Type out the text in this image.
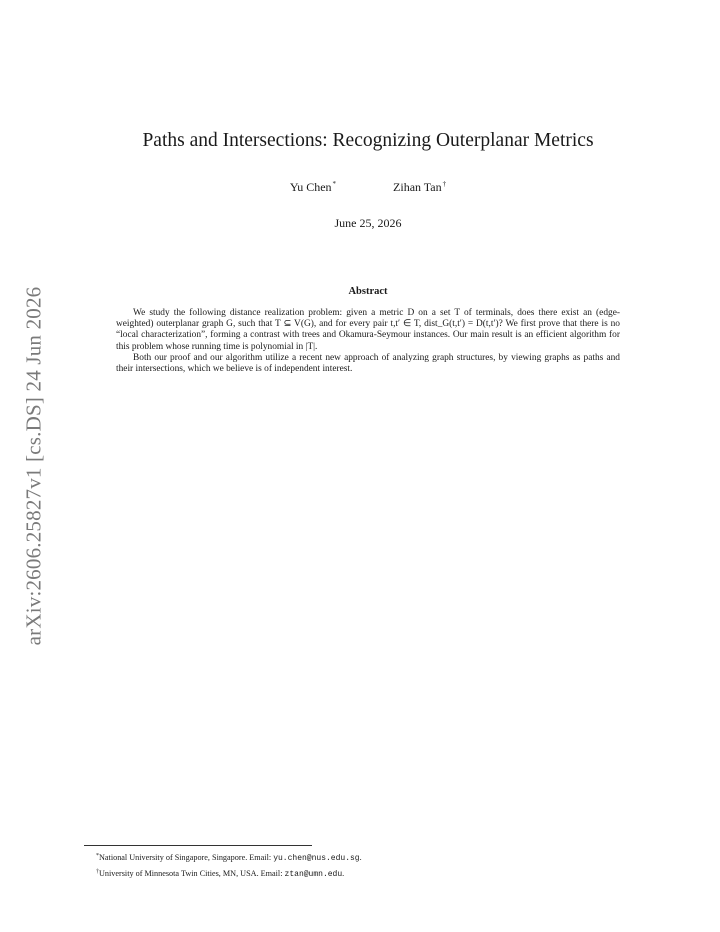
arXiv:2606.25827v1 [cs.DS] 24 Jun 2026
Paths and Intersections: Recognizing Outerplanar Metrics
Yu Chen*	Zihan Tan†
June 25, 2026
Abstract

We study the following distance realization problem: given a metric D on a set T of terminals, does there exist an (edge-weighted) outerplanar graph G, such that T ⊆ V(G), and for every pair t,t′ ∈ T, dist_G(t,t′) = D(t,t′)? We first prove that there is no “local characterization”, forming a contrast with trees and Okamura-Seymour instances. Our main result is an efficient algorithm for this problem whose running time is polynomial in |T|.

Both our proof and our algorithm utilize a recent new approach of analyzing graph structures, by viewing graphs as paths and their intersections, which we believe is of independent interest.

*National University of Singapore, Singapore. Email: yu.chen@nus.edu.sg.
†University of Minnesota Twin Cities, MN, USA. Email: ztan@umn.edu.
